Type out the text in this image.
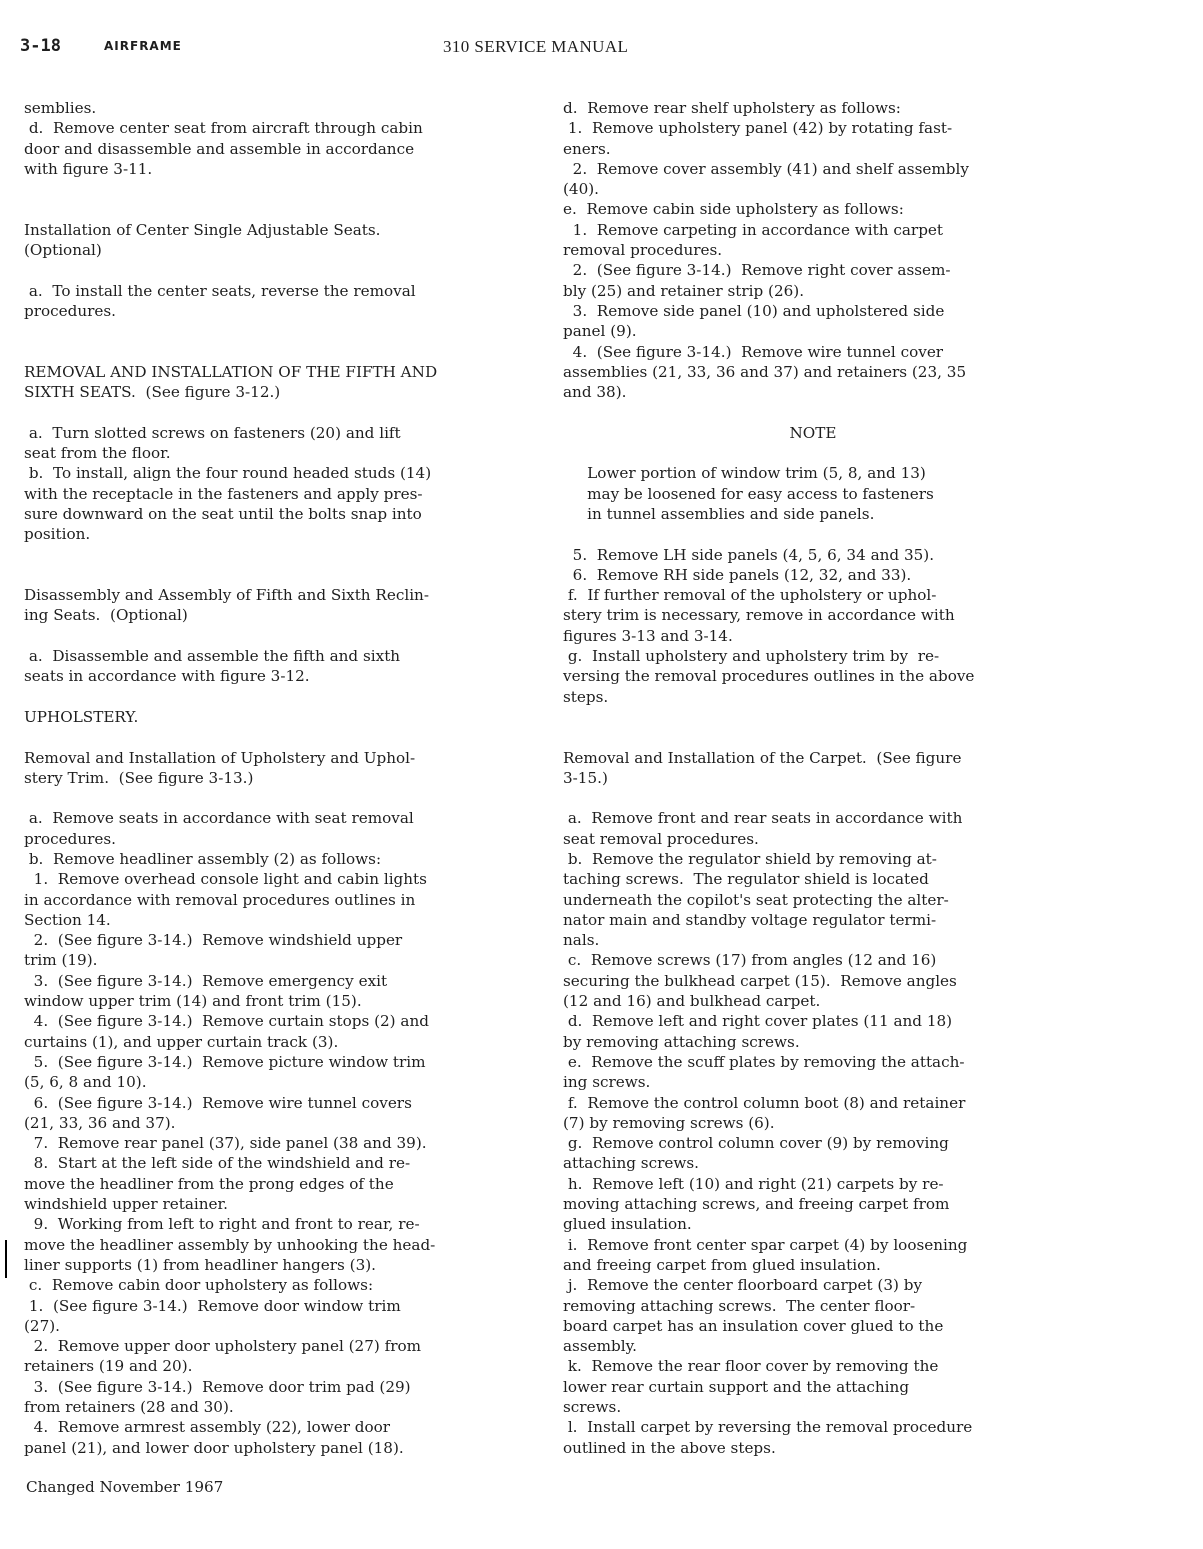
3-18	AIRFRAME	310 SERVICE MANUAL
semblies.
d.  Remove center seat from aircraft through cabin
door and disassemble and assemble in accordance
with figure 3-11.
Installation of Center Single Adjustable Seats.
(Optional)
a.  To install the center seats, reverse the removal
procedures.
REMOVAL AND INSTALLATION OF THE FIFTH AND
SIXTH SEATS.  (See figure 3-12.)
a.  Turn slotted screws on fasteners (20) and lift
seat from the floor.
b.  To install, align the four round headed studs (14)
with the receptacle in the fasteners and apply pres-
sure downward on the seat until the bolts snap into
position.
Disassembly and Assembly of Fifth and Sixth Reclin-
ing Seats.  (Optional)
a.  Disassemble and assemble the fifth and sixth
seats in accordance with figure 3-12.
UPHOLSTERY.
Removal and Installation of Upholstery and Uphol-
stery Trim.  (See figure 3-13.)
a.  Remove seats in accordance with seat removal
procedures.
b.  Remove headliner assembly (2) as follows:
1.  Remove overhead console light and cabin lights
in accordance with removal procedures outlines in
Section 14.
2.  (See figure 3-14.)  Remove windshield upper
trim (19).
3.  (See figure 3-14.)  Remove emergency exit
window upper trim (14) and front trim (15).
4.  (See figure 3-14.)  Remove curtain stops (2) and
curtains (1), and upper curtain track (3).
5.  (See figure 3-14.)  Remove picture window trim
(5, 6, 8 and 10).
6.  (See figure 3-14.)  Remove wire tunnel covers
(21, 33, 36 and 37).
7.  Remove rear panel (37), side panel (38 and 39).
8.  Start at the left side of the windshield and re-
move the headliner from the prong edges of the
windshield upper retainer.
9.  Working from left to right and front to rear, re-
move the headliner assembly by unhooking the head-
liner supports (1) from headliner hangers (3).
c.  Remove cabin door upholstery as follows:
1.  (See figure 3-14.)  Remove door window trim
(27).
2.  Remove upper door upholstery panel (27) from
retainers (19 and 20).
3.  (See figure 3-14.)  Remove door trim pad (29)
from retainers (28 and 30).
4.  Remove armrest assembly (22), lower door
panel (21), and lower door upholstery panel (18).
d.  Remove rear shelf upholstery as follows:
1.  Remove upholstery panel (42) by rotating fast-
eners.
2.  Remove cover assembly (41) and shelf assembly
(40).
e.  Remove cabin side upholstery as follows:
1.  Remove carpeting in accordance with carpet
removal procedures.
2.  (See figure 3-14.)  Remove right cover assem-
bly (25) and retainer strip (26).
3.  Remove side panel (10) and upholstered side
panel (9).
4.  (See figure 3-14.)  Remove wire tunnel cover
assemblies (21, 33, 36 and 37) and retainers (23, 35
and 38).
NOTE
Lower portion of window trim (5, 8, and 13)
may be loosened for easy access to fasteners
in tunnel assemblies and side panels.
5.  Remove LH side panels (4, 5, 6, 34 and 35).
6.  Remove RH side panels (12, 32, and 33).
f.  If further removal of the upholstery or uphol-
stery trim is necessary, remove in accordance with
figures 3-13 and 3-14.
g.  Install upholstery and upholstery trim by  re-
versing the removal procedures outlines in the above
steps.
Removal and Installation of the Carpet.  (See figure
3-15.)
a.  Remove front and rear seats in accordance with
seat removal procedures.
b.  Remove the regulator shield by removing at-
taching screws.  The regulator shield is located
underneath the copilot's seat protecting the alter-
nator main and standby voltage regulator termi-
nals.
c.  Remove screws (17) from angles (12 and 16)
securing the bulkhead carpet (15).  Remove angles
(12 and 16) and bulkhead carpet.
d.  Remove left and right cover plates (11 and 18)
by removing attaching screws.
e.  Remove the scuff plates by removing the attach-
ing screws.
f.  Remove the control column boot (8) and retainer
(7) by removing screws (6).
g.  Remove control column cover (9) by removing
attaching screws.
h.  Remove left (10) and right (21) carpets by re-
moving attaching screws, and freeing carpet from
glued insulation.
i.  Remove front center spar carpet (4) by loosening
and freeing carpet from glued insulation.
j.  Remove the center floorboard carpet (3) by
removing attaching screws.  The center floor-
board carpet has an insulation cover glued to the
assembly.
k.  Remove the rear floor cover by removing the
lower rear curtain support and the attaching
screws.
l.  Install carpet by reversing the removal procedure
outlined in the above steps.
Changed November 1967
